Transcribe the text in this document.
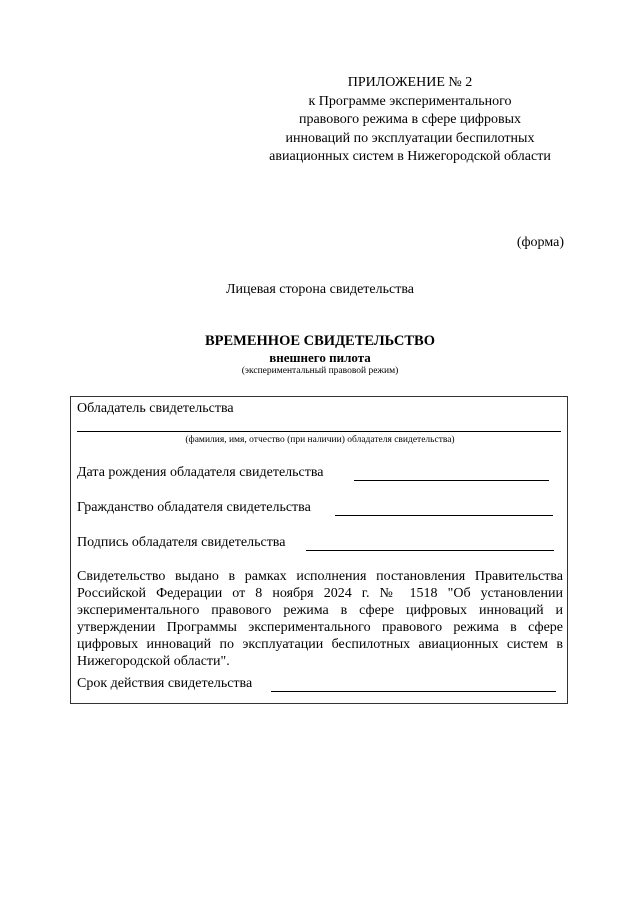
ПРИЛОЖЕНИЕ № 2
к Программе экспериментального
правового режима в сфере цифровых
инноваций по эксплуатации беспилотных
авиационных систем в Нижегородской области
(форма)
Лицевая сторона свидетельства
ВРЕМЕННОЕ СВИДЕТЕЛЬСТВО
внешнего пилота
(экспериментальный правовой режим)
Обладатель свидетельства
(фамилия, имя, отчество (при наличии) обладателя свидетельства)
Дата рождения обладателя свидетельства
Гражданство обладателя свидетельства
Подпись обладателя свидетельства
Свидетельство выдано в рамках исполнения постановления Правительства Российской Федерации от 8 ноября 2024 г. № 1518 "Об установлении экспериментального правового режима в сфере цифровых инноваций и утверждении Программы экспериментального правового режима в сфере цифровых инноваций по эксплуатации беспилотных авиационных систем в Нижегородской области".
Срок действия свидетельства
